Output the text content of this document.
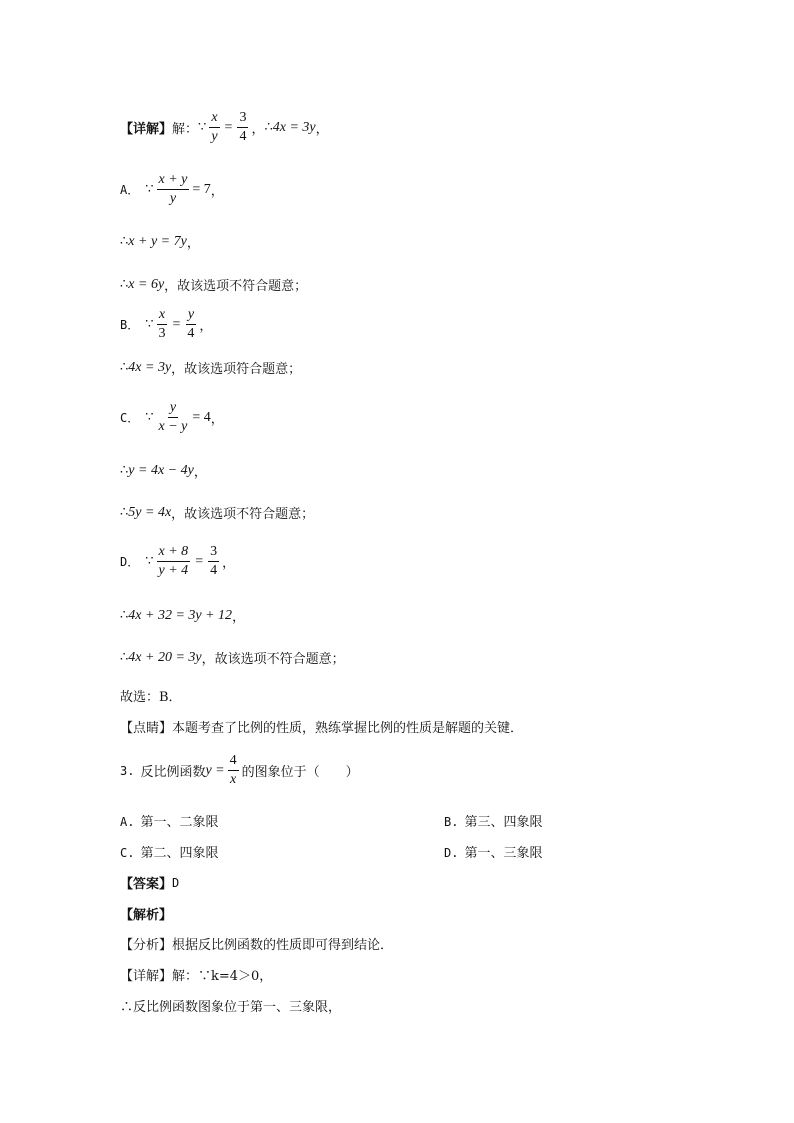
【详解】 解： ∵ $\frac{x}{y} = \frac{3}{4}$ ， ∴ 4x = 3y ，
A． ∵ $\frac{x + y}{y} = 7$ ，
∴ x + y = 7y ，
∴ x = 6y ，故该选项不符合题意；
B． ∵ $\frac{x}{3} = \frac{y}{4}$ ，
∴ 4x = 3y ，故该选项符合题意；
C． ∵ $\frac{y}{x - y} = 4$ ，
∴ y = 4x − 4y ，
∴ 5y = 4x ，故该选项不符合题意；
D． ∵ $\frac{x + 8}{y + 4} = \frac{3}{4}$ ，
∴ 4x + 32 = 3y + 12 ，
∴ 4x + 20 = 3y ，故该选项不符合题意；
故选：B．
【点睛】本题考查了比例的性质，熟练掌握比例的性质是解题的关键．
3. 反比例函数 $y = \frac{4}{x}$ 的图象位于（　　）
A. 第一、二象限	B. 第三、四象限
C. 第二、四象限	D. 第一、三象限
【答案】 D
【解析】
【分析】根据反比例函数的性质即可得到结论．
【详解】解：∵k=4＞0，
∴反比例函数图象位于第一、三象限，
